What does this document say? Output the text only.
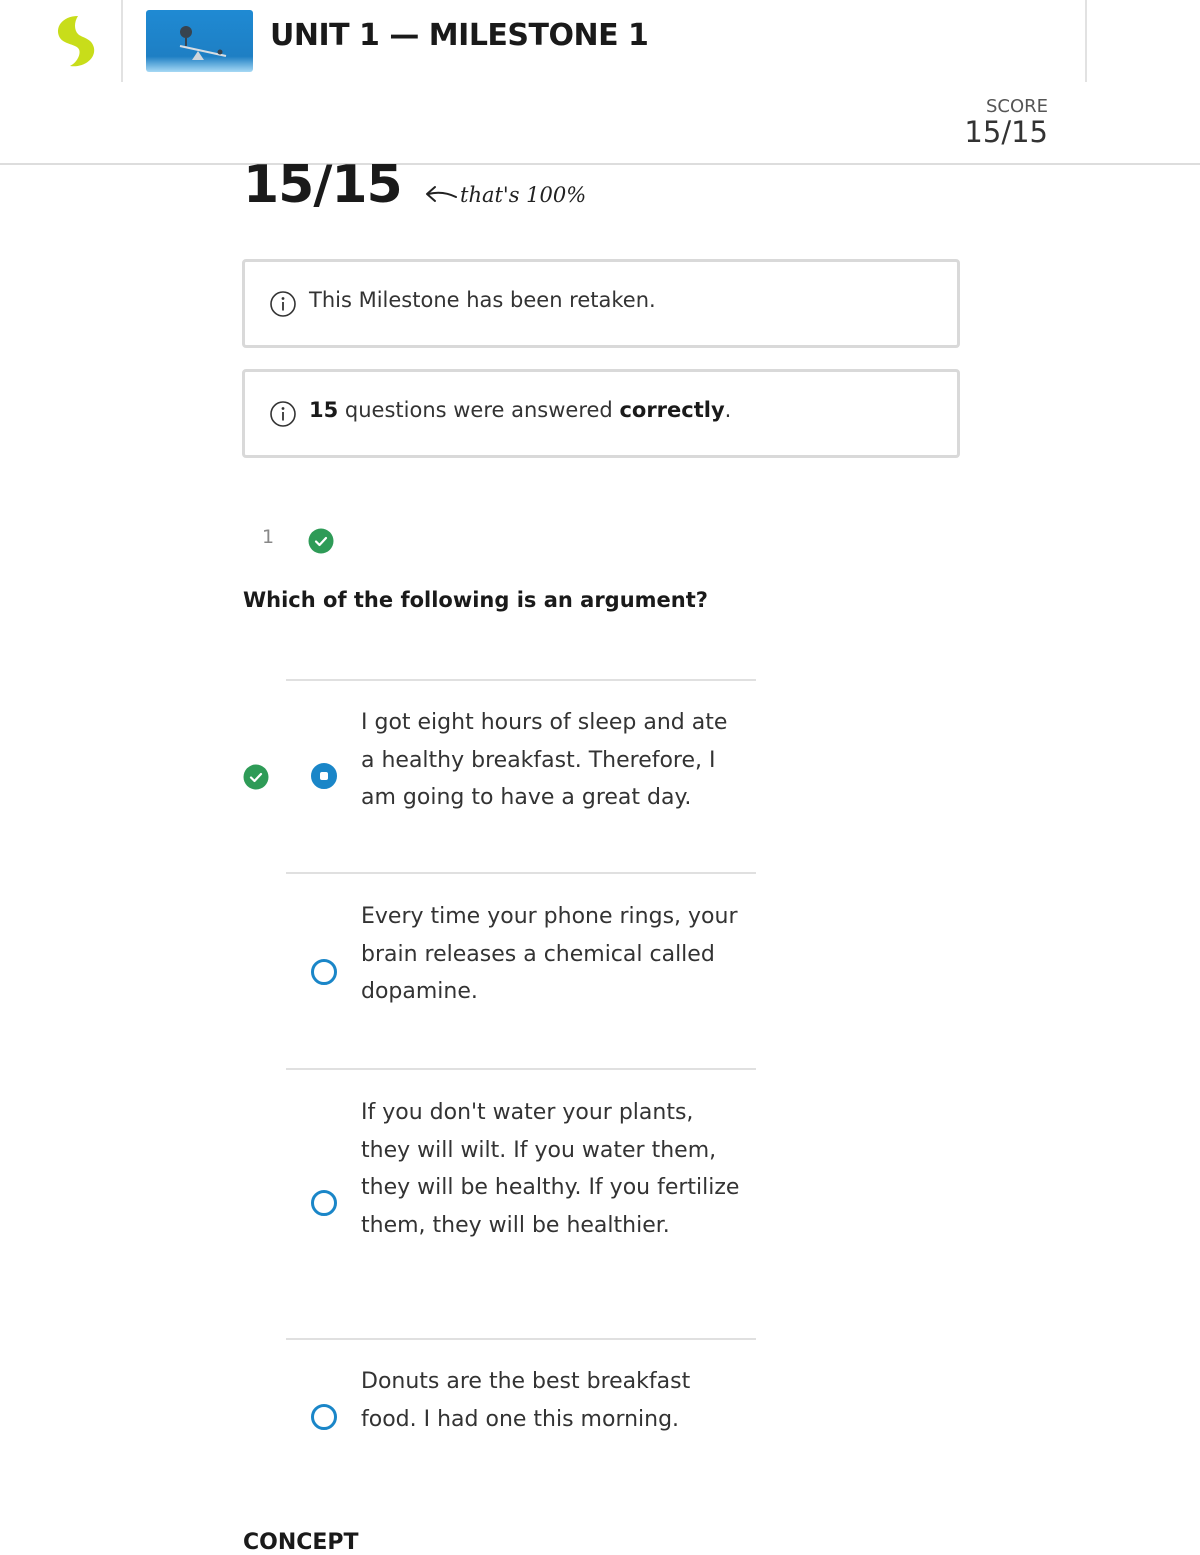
UNIT 1 — MILESTONE 1
SCORE
15/15
15/15	that's 100%
This Milestone has been retaken.
15 questions were answered correctly.
1
Which of the following is an argument?
I got eight hours of sleep and ate a healthy breakfast. Therefore, I am going to have a great day.
Every time your phone rings, your brain releases a chemical called dopamine.
If you don't water your plants, they will wilt. If you water them, they will be healthy. If you fertilize them, they will be healthier.
Donuts are the best breakfast food. I had one this morning.
CONCEPT
